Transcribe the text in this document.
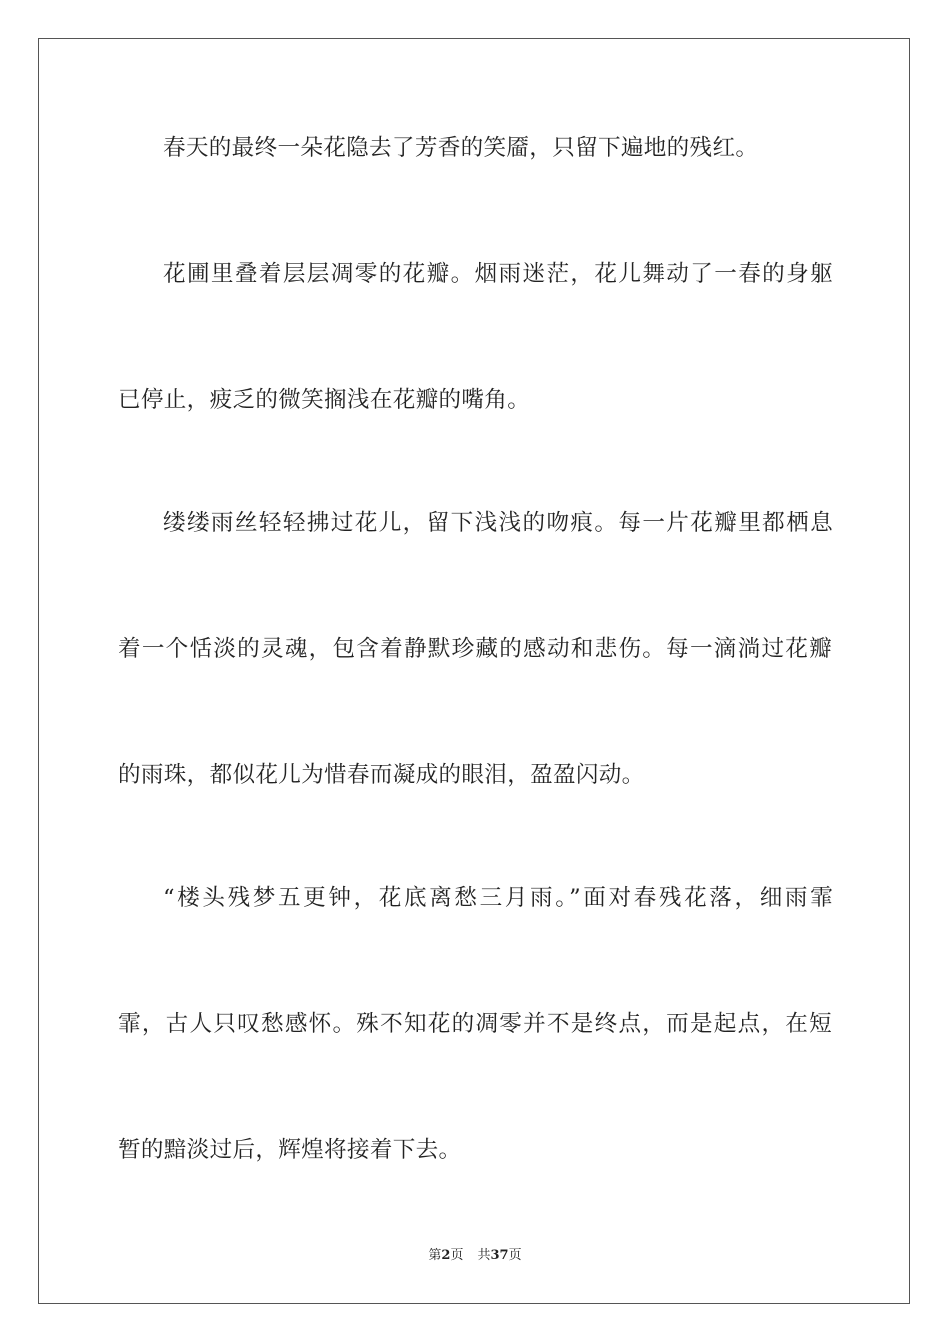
春天的最终一朵花隐去了芳香的笑靥，只留下遍地的残红。
花圃里叠着层层凋零的花瓣。烟雨迷茫，花儿舞动了一春的身躯
已停止，疲乏的微笑搁浅在花瓣的嘴角。
缕缕雨丝轻轻拂过花儿，留下浅浅的吻痕。每一片花瓣里都栖息
着一个恬淡的灵魂，包含着静默珍藏的感动和悲伤。每一滴淌过花瓣
的雨珠，都似花儿为惜春而凝成的眼泪，盈盈闪动。
“楼头残梦五更钟，花底离愁三月雨。”面对春残花落，细雨霏
霏，古人只叹愁感怀。殊不知花的凋零并不是终点，而是起点，在短
暂的黯淡过后，辉煌将接着下去。
第2页 共37页
